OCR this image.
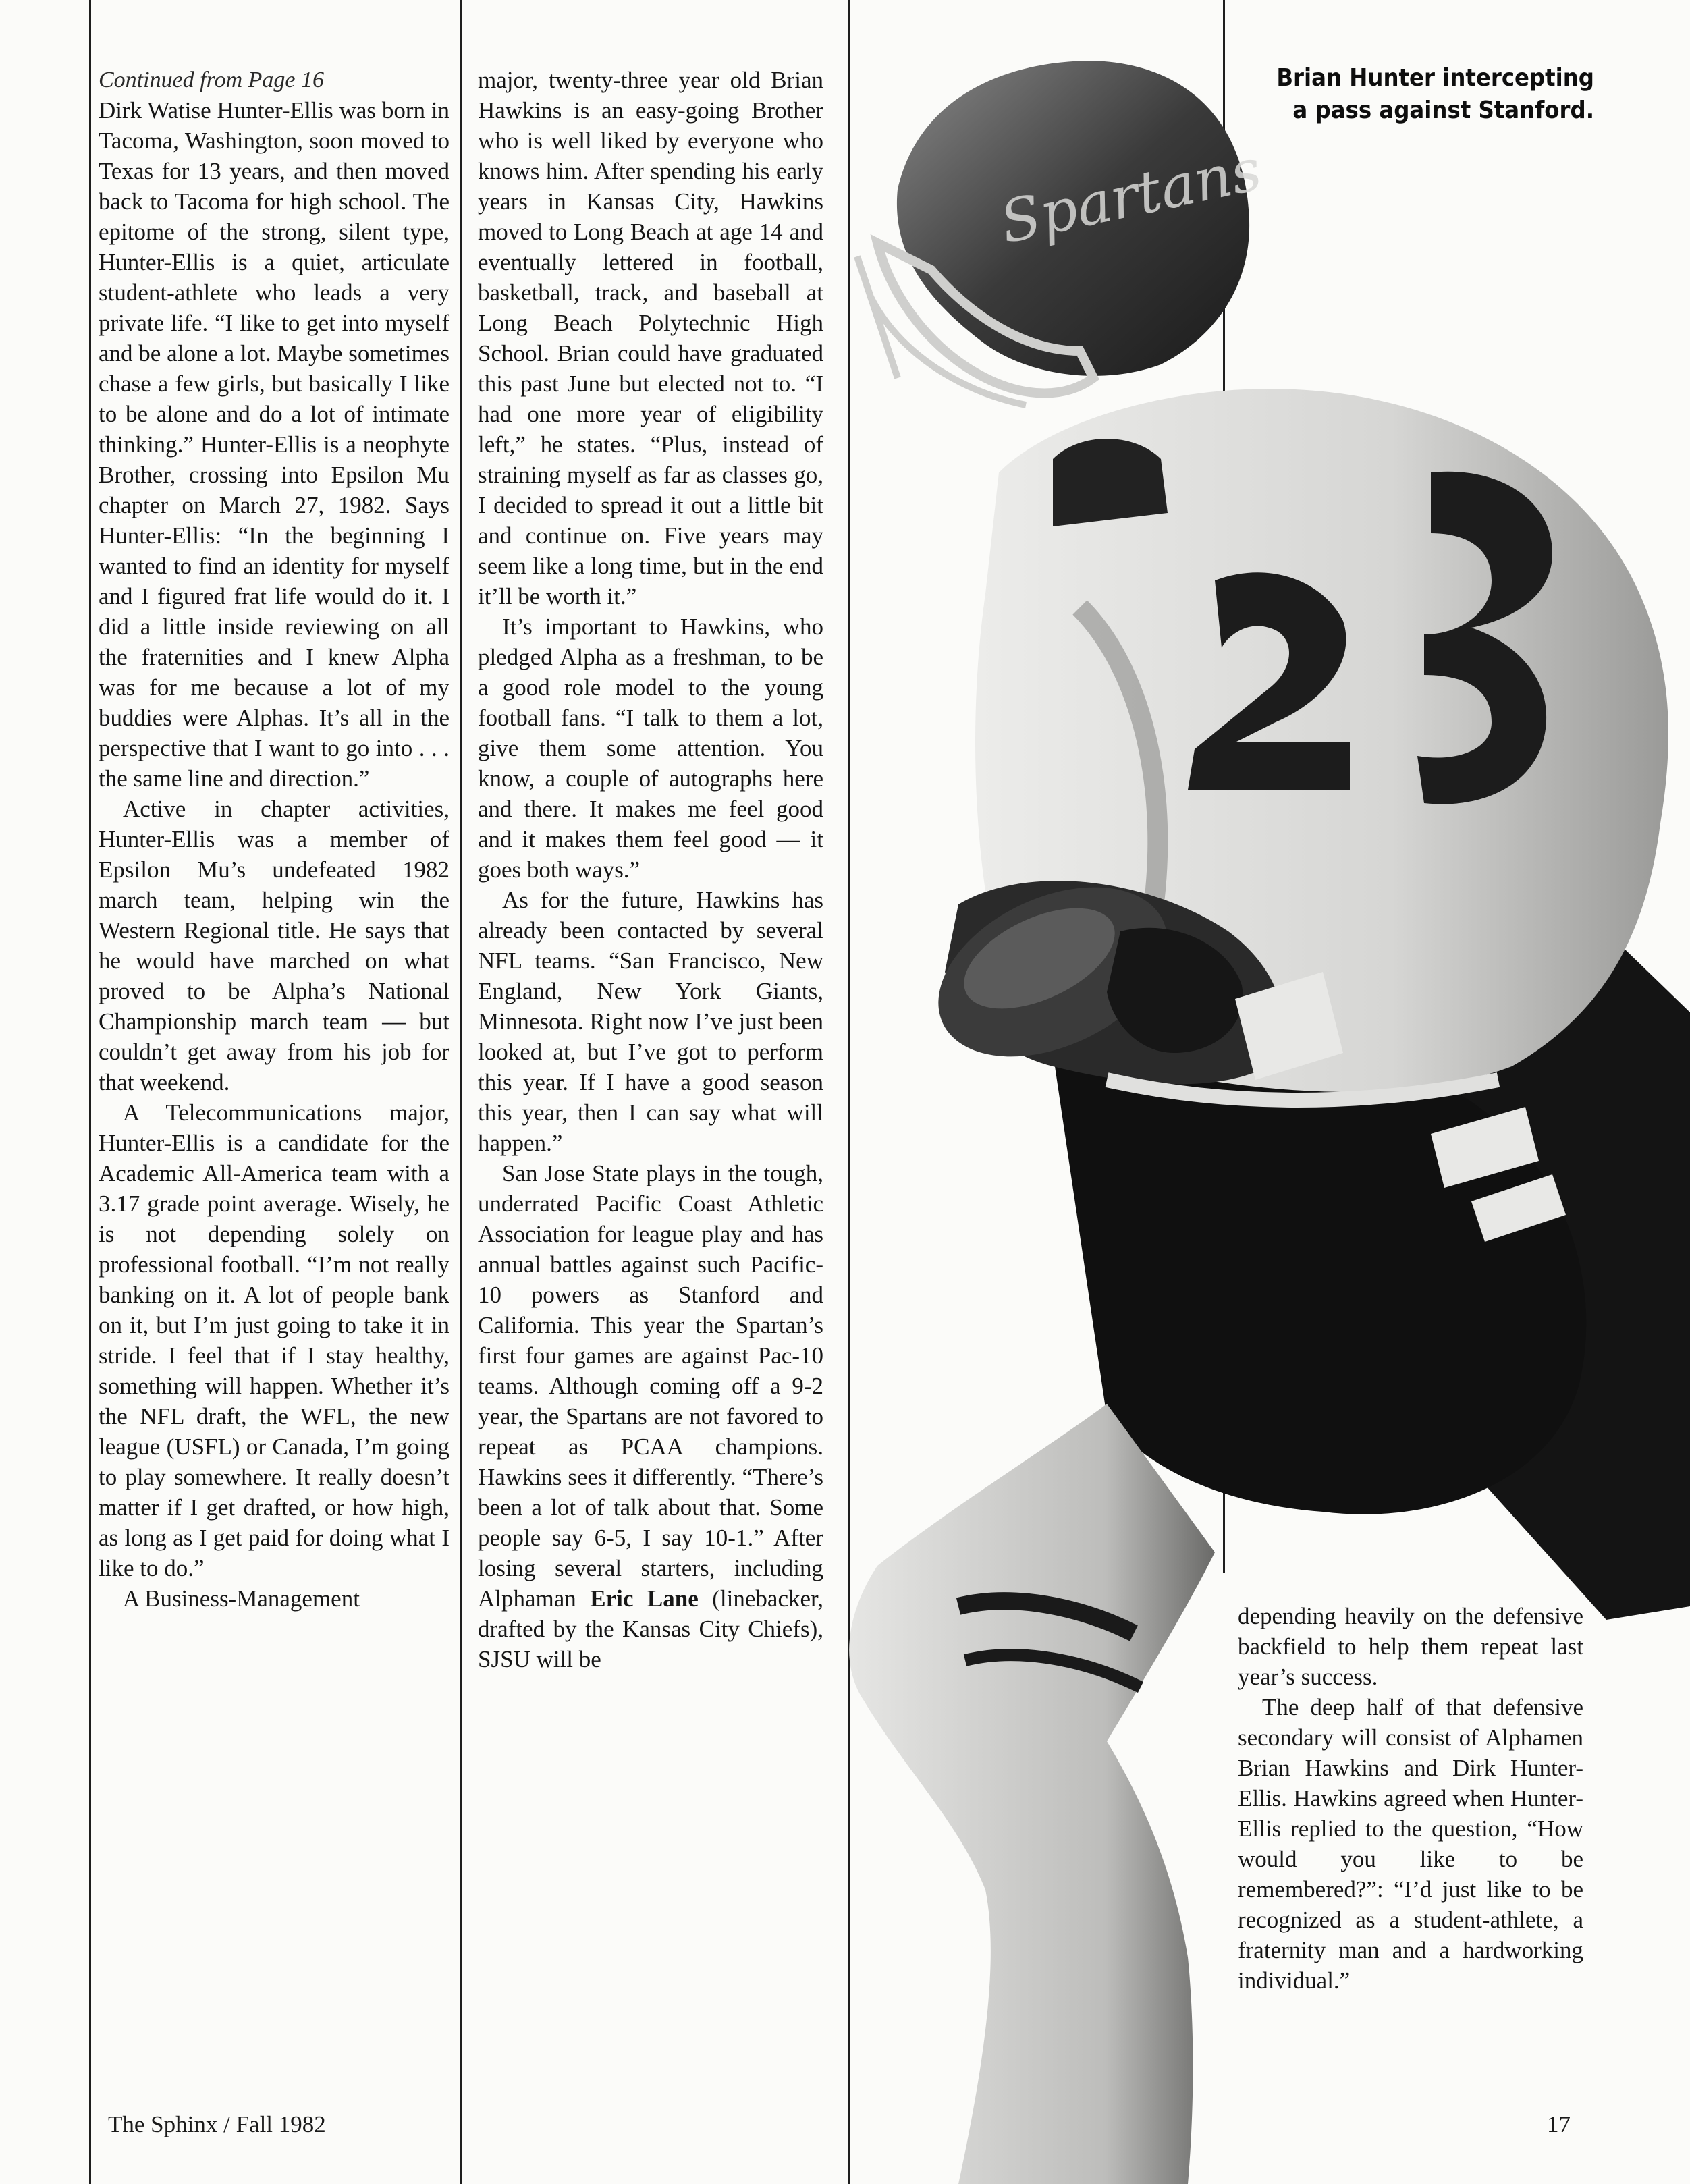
Continued from Page 16

Dirk Watise Hunter-Ellis was born in Tacoma, Washington, soon moved to Texas for 13 years, and then moved back to Tacoma for high school. The epitome of the strong, silent type, Hunter-Ellis is a quiet, articulate student-athlete who leads a very private life. “I like to get into myself and be alone a lot. Maybe sometimes chase a few girls, but basically I like to be alone and do a lot of intimate thinking.” Hunter-Ellis is a neophyte Brother, crossing into Epsilon Mu chapter on March 27, 1982. Says Hunter-Ellis: “In the beginning I wanted to find an identity for myself and I figured frat life would do it. I did a little inside reviewing on all the fraternities and I knew Alpha was for me because a lot of my buddies were Alphas. It’s all in the perspective that I want to go into . . . the same line and direction.”

Active in chapter activities, Hunter-Ellis was a member of Epsilon Mu’s undefeated 1982 march team, helping win the Western Regional title. He says that he would have marched on what proved to be Alpha’s National Championship march team — but couldn’t get away from his job for that weekend.

A Telecommunications major, Hunter-Ellis is a candidate for the Academic All-America team with a 3.17 grade point average. Wisely, he is not depending solely on professional football. “I’m not really banking on it. A lot of people bank on it, but I’m just going to take it in stride. I feel that if I stay healthy, something will happen. Whether it’s the NFL draft, the WFL, the new league (USFL) or Canada, I’m going to play somewhere. It really doesn’t matter if I get drafted, or how high, as long as I get paid for doing what I like to do.”

A Business-Management

major, twenty-three year old Brian Hawkins is an easy-going Brother who is well liked by everyone who knows him. After spending his early years in Kansas City, Hawkins moved to Long Beach at age 14 and eventually lettered in football, basketball, track, and baseball at Long Beach Polytechnic High School. Brian could have graduated this past June but elected not to. “I had one more year of eligibility left,” he states. “Plus, instead of straining myself as far as classes go, I decided to spread it out a little bit and continue on. Five years may seem like a long time, but in the end it’ll be worth it.”

It’s important to Hawkins, who pledged Alpha as a freshman, to be a good role model to the young football fans. “I talk to them a lot, give them some attention. You know, a couple of autographs here and there. It makes me feel good and it makes them feel good — it goes both ways.”

As for the future, Hawkins has already been contacted by several NFL teams. “San Francisco, New England, New York Giants, Minnesota. Right now I’ve just been looked at, but I’ve got to perform this year. If I have a good season this year, then I can say what will happen.”

San Jose State plays in the tough, underrated Pacific Coast Athletic Association for league play and has annual battles against such Pacific-10 powers as Stanford and California. This year the Spartan’s first four games are against Pac-10 teams. Although coming off a 9-2 year, the Spartans are not favored to repeat as PCAA champions. Hawkins sees it differently. “There’s been a lot of talk about that. Some people say 6-5, I say 10-1.” After losing several starters, including Alphaman Eric Lane (linebacker, drafted by the Kansas City Chiefs), SJSU will be

Spartans
Brian Hunter intercepting a pass against Stanford.

depending heavily on the defensive backfield to help them repeat last year’s success.

The deep half of that defensive secondary will consist of Alphamen Brian Hawkins and Dirk Hunter-Ellis. Hawkins agreed when Hunter-Ellis replied to the question, “How would you like to be remembered?”: “I’d just like to be recognized as a student-athlete, a fraternity man and a hardworking individual.”

The Sphinx / Fall 1982	17
